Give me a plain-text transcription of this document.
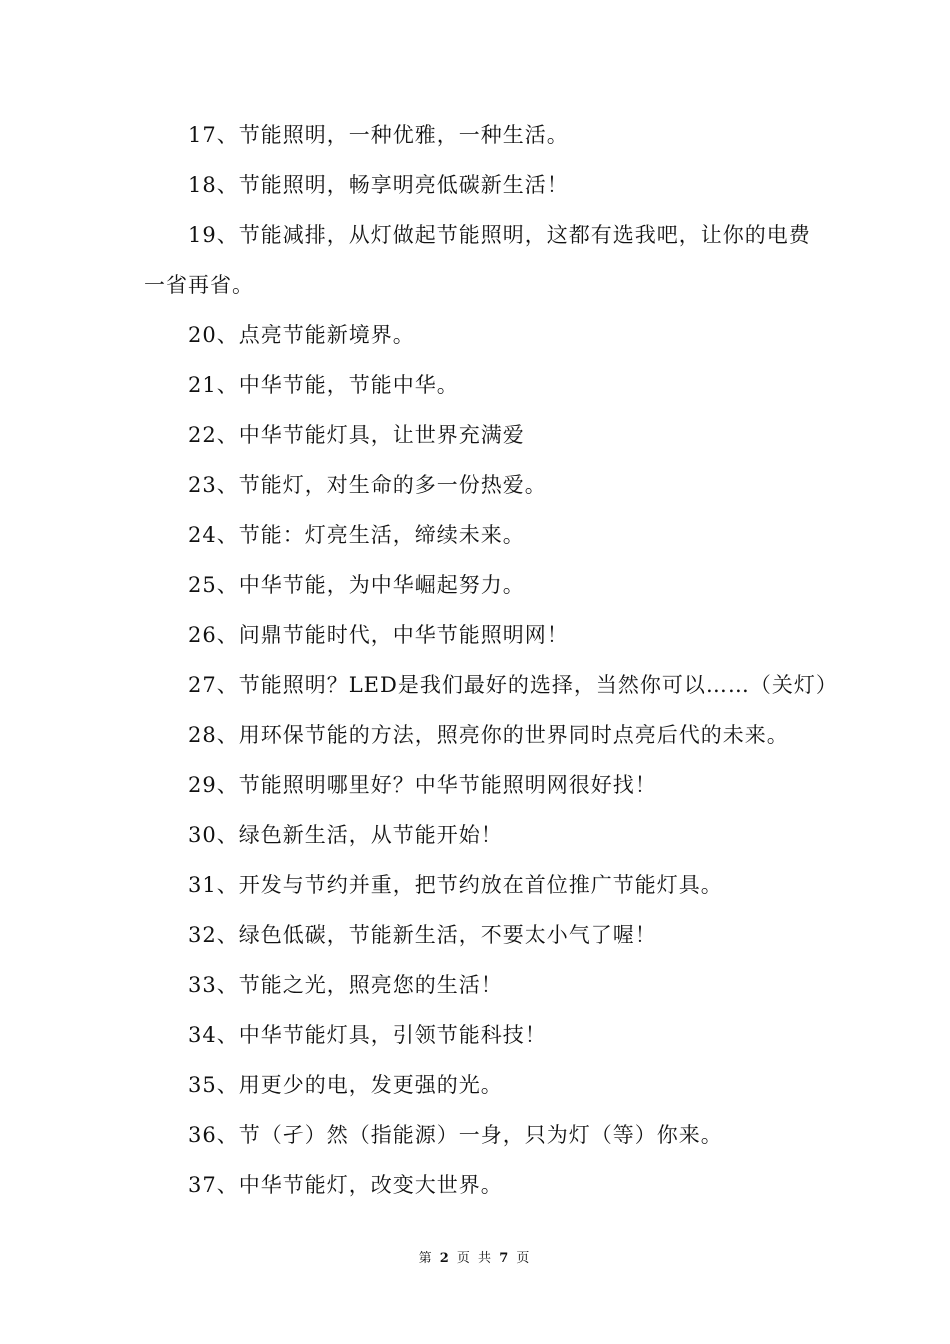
17、节能照明，一种优雅，一种生活。
18、节能照明，畅享明亮低碳新生活！
19、节能减排，从灯做起节能照明，这都有选我吧，让你的电费
一省再省。
20、点亮节能新境界。
21、中华节能，节能中华。
22、中华节能灯具，让世界充满爱
23、节能灯，对生命的多一份热爱。
24、节能：灯亮生活，缔续未来。
25、中华节能，为中华崛起努力。
26、问鼎节能时代，中华节能照明网！
27、节能照明？LED是我们最好的选择，当然你可以……（关灯）
28、用环保节能的方法，照亮你的世界同时点亮后代的未来。
29、节能照明哪里好？中华节能照明网很好找！
30、绿色新生活，从节能开始！
31、开发与节约并重，把节约放在首位推广节能灯具。
32、绿色低碳，节能新生活，不要太小气了喔！
33、节能之光，照亮您的生活！
34、中华节能灯具，引领节能科技！
35、用更少的电，发更强的光。
36、节（孑）然（指能源）一身，只为灯（等）你来。
37、中华节能灯，改变大世界。
第 2 页 共 7 页
